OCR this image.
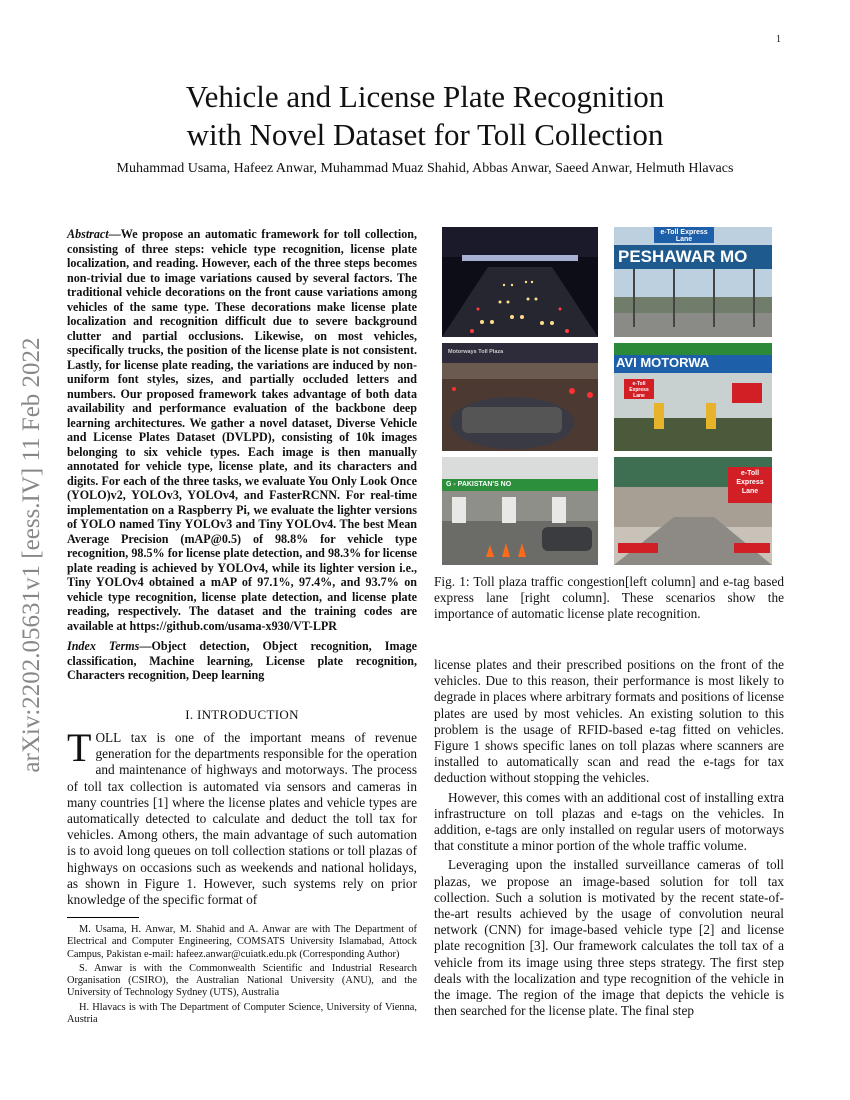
1
arXiv:2202.05631v1 [eess.IV] 11 Feb 2022
Vehicle and License Plate Recognition
with Novel Dataset for Toll Collection
Muhammad Usama, Hafeez Anwar, Muhammad Muaz Shahid, Abbas Anwar, Saeed Anwar, Helmuth Hlavacs
Abstract—We propose an automatic framework for toll collection, consisting of three steps: vehicle type recognition, license plate localization, and reading. However, each of the three steps becomes non-trivial due to image variations caused by several factors. The traditional vehicle decorations on the front cause variations among vehicles of the same type. These decorations make license plate localization and recognition difficult due to severe background clutter and partial occlusions. Likewise, on most vehicles, specifically trucks, the position of the license plate is not consistent. Lastly, for license plate reading, the variations are induced by non-uniform font styles, sizes, and partially occluded letters and numbers. Our proposed framework takes advantage of both data availability and performance evaluation of the backbone deep learning architectures. We gather a novel dataset, Diverse Vehicle and License Plates Dataset (DVLPD), consisting of 10k images belonging to six vehicle types. Each image is then manually annotated for vehicle type, license plate, and its characters and digits. For each of the three tasks, we evaluate You Only Look Once (YOLO)v2, YOLOv3, YOLOv4, and FasterRCNN. For real-time implementation on a Raspberry Pi, we evaluate the lighter versions of YOLO named Tiny YOLOv3 and Tiny YOLOv4. The best Mean Average Precision (mAP@0.5) of 98.8% for vehicle type recognition, 98.5% for license plate detection, and 98.3% for license plate reading is achieved by YOLOv4, while its lighter version i.e., Tiny YOLOv4 obtained a mAP of 97.1%, 97.4%, and 93.7% on vehicle type recognition, license plate detection, and license plate reading, respectively. The dataset and the training codes are available at https://github.com/usama-x930/VT-LPR
Index Terms—Object detection, Object recognition, Image classification, Machine learning, License plate recognition, Characters recognition, Deep learning
I. INTRODUCTION
TOLL tax is one of the important means of revenue generation for the departments responsible for the operation and maintenance of highways and motorways. The process of toll tax collection is automated via sensors and cameras in many countries [1] where the license plates and vehicle types are automatically detected to calculate and deduct the toll tax for vehicles. Among others, the main advantage of such automation is to avoid long queues on toll collection stations or toll plazas of highways on occasions such as weekends and national holidays, as shown in Figure 1. However, such systems rely on prior knowledge of the specific format of

M. Usama, H. Anwar, M. Shahid and A. Anwar are with The Department of Electrical and Computer Engineering, COMSATS University Islamabad, Attock Campus, Pakistan e-mail: hafeez.anwar@cuiatk.edu.pk (Corresponding Author)

S. Anwar is with the Commonwealth Scientific and Industrial Research Organisation (CSIRO), the Australian National University (ANU), and the University of Technology Sydney (UTS), Australia

H. Hlavacs is with The Department of Computer Science, University of Vienna, Austria

e-Toll Express Lane
PESHAWAR MO
Motorways Toll Plaza
AVI MOTORWA
e-Toll Express Lane
G - PAKISTAN'S NO
e-Toll Express Lane
Fig. 1: Toll plaza traffic congestion[left column] and e-tag based express lane [right column]. These scenarios show the importance of automatic license plate recognition.

license plates and their prescribed positions on the front of the vehicles. Due to this reason, their performance is most likely to degrade in places where arbitrary formats and positions of license plates are used by most vehicles. An existing solution to this problem is the usage of RFID-based e-tag fitted on vehicles. Figure 1 shows specific lanes on toll plazas where scanners are installed to automatically scan and read the e-tags for tax deduction without stopping the vehicles.

However, this comes with an additional cost of installing extra infrastructure on toll plazas and e-tags on the vehicles. In addition, e-tags are only installed on regular users of motorways that constitute a minor portion of the whole traffic volume.

Leveraging upon the installed surveillance cameras of toll plazas, we propose an image-based solution for toll tax collection. Such a solution is motivated by the recent state-of-the-art results achieved by the usage of convolution neural network (CNN) for image-based vehicle type [2] and license plate recognition [3]. Our framework calculates the toll tax of a vehicle from its image using three steps strategy. The first step deals with the localization and type recognition of the vehicle in the image. The region of the image that depicts the vehicle is then searched for the license plate. The final step
